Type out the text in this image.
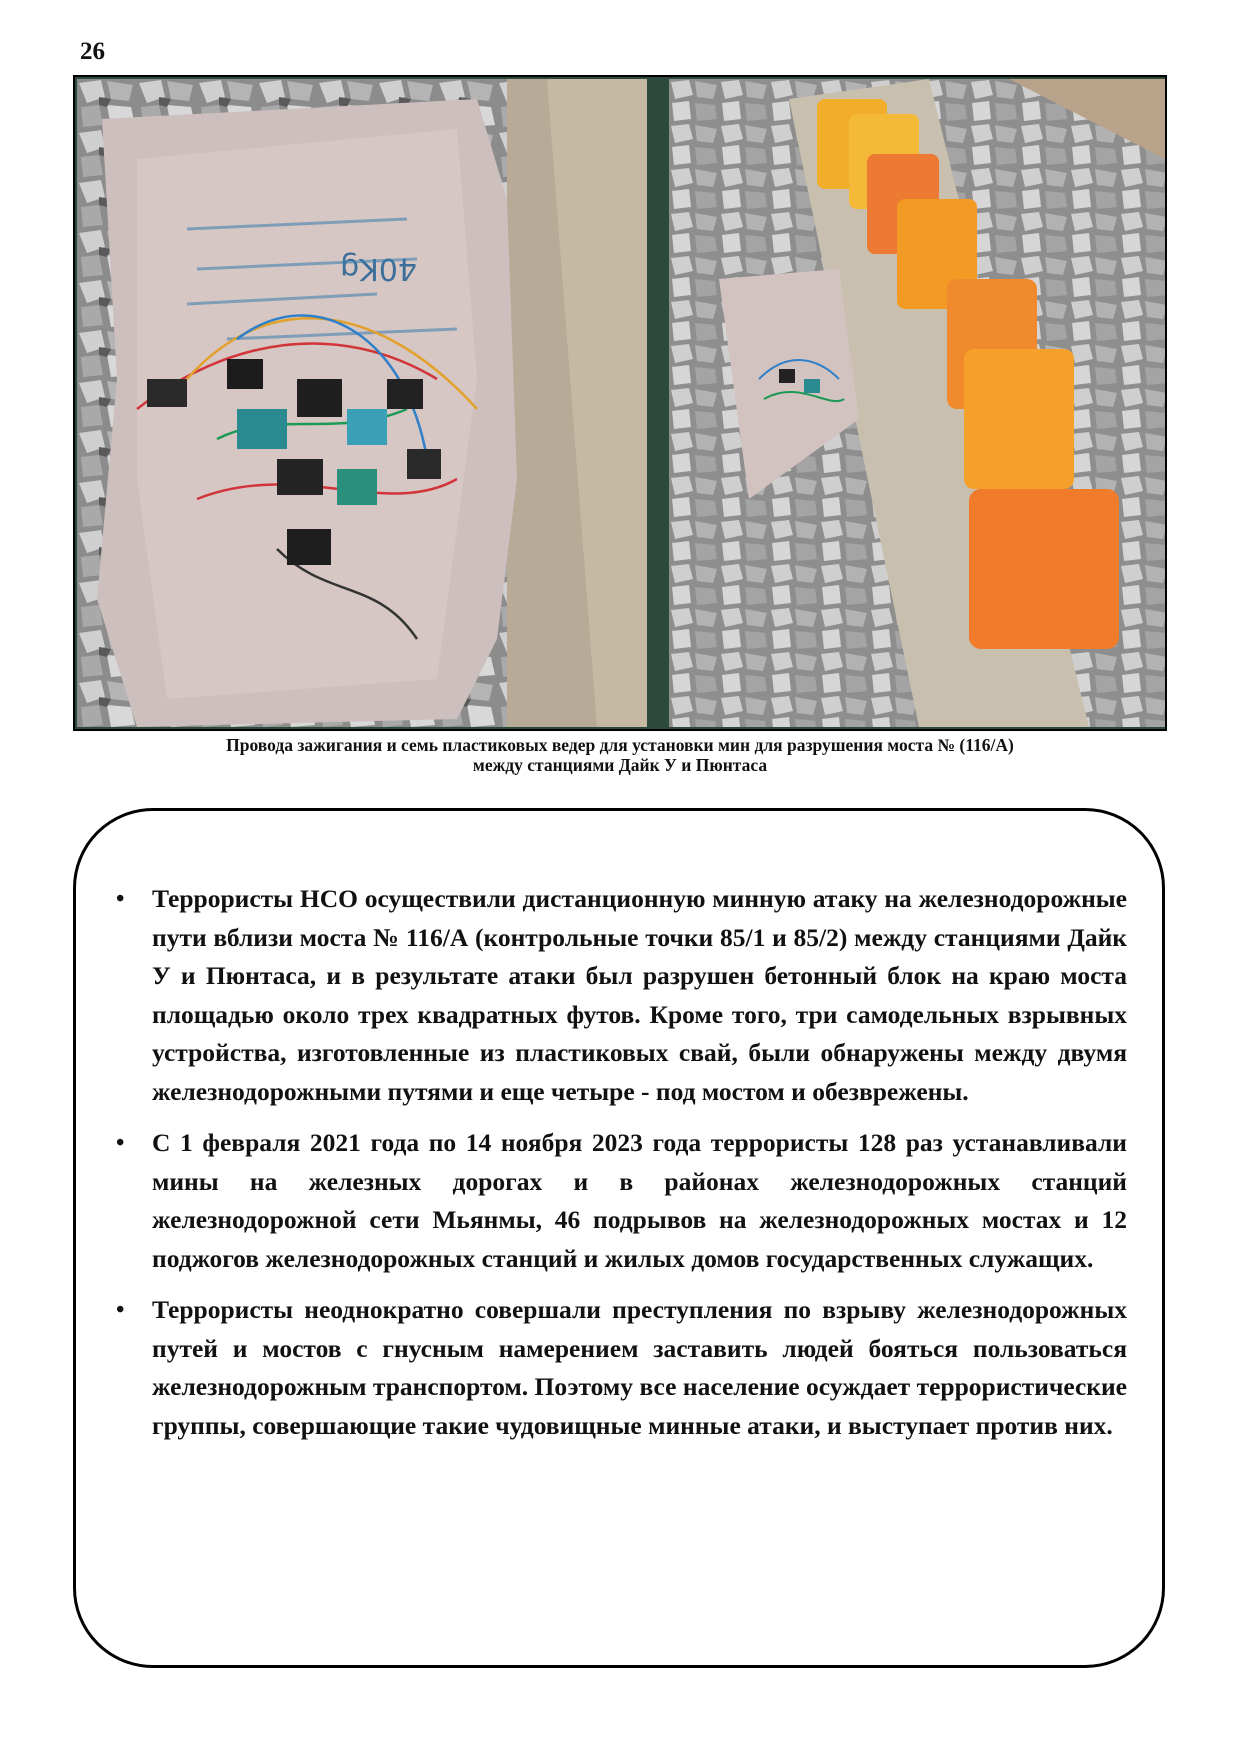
26
40Kg
Провода зажигания и семь пластиковых ведер для установки мин для разрушения моста № (116/А)
между станциями Дайк У и Пюнтаса
• Террористы НСО осуществили дистанционную минную атаку на железнодорожные пути вблизи моста № 116/А (контрольные точки 85/1 и 85/2) между станциями Дайк У и Пюнтаса, и в результате атаки был разрушен бетонный блок на краю моста площадью около трех квадратных футов. Кроме того, три самодельных взрывных устройства, изготовленные из пластиковых свай, были обнаружены между двумя железнодорожными путями и еще четыре - под мостом и обезврежены.
• С 1 февраля 2021 года по 14 ноября 2023 года террористы 128 раз устанавливали мины на железных дорогах и в районах железнодорожных станций железнодорожной сети Мьянмы, 46 подрывов на железнодорожных мостах и 12 поджогов железнодорожных станций и жилых домов государственных служащих.
• Террористы неоднократно совершали преступления по взрыву железнодорожных путей и мостов с гнусным намерением заставить людей бояться пользоваться железнодорожным транспортом. Поэтому все население осуждает террористические группы, совершающие такие чудовищные минные атаки, и выступает против них.
